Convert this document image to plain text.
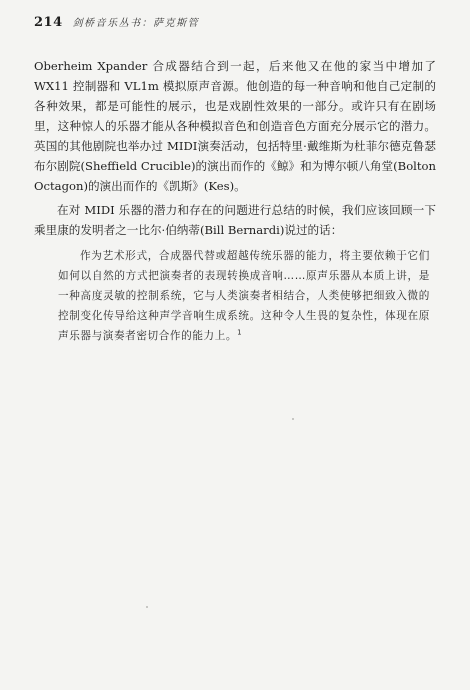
214 剑桥音乐丛书：萨克斯管

Oberheim Xpander 合成器结合到一起，后来他又在他的家当中增加了 WX11 控制器和 VL1m 模拟原声音源。他创造的每一种音响和他自己定制的各种效果，都是可能性的展示，也是戏剧性效果的一部分。或许只有在剧场里，这种惊人的乐器才能从各种模拟音色和创造音色方面充分展示它的潜力。英国的其他剧院也举办过 MIDI演奏活动，包括特里·戴维斯为杜菲尔德克鲁瑟布尔剧院(Sheffield Crucible)的演出而作的《鲸》和为博尔顿八角堂(Bolton Octagon)的演出而作的《凯斯》(Kes)。

在对 MIDI 乐器的潜力和存在的问题进行总结的时候，我们应该回顾一下乘里康的发明者之一比尔·伯纳蒂(Bill Bernardi)说过的话：

作为艺术形式，合成器代替或超越传统乐器的能力，将主要依赖于它们如何以自然的方式把演奏者的表现转换成音响……原声乐器从本质上讲，是一种高度灵敏的控制系统，它与人类演奏者相结合，人类使够把细致入微的控制变化传导给这种声学音响生成系统。这种令人生畏的复杂性，体现在原声乐器与演奏者密切合作的能力上。$^1$
